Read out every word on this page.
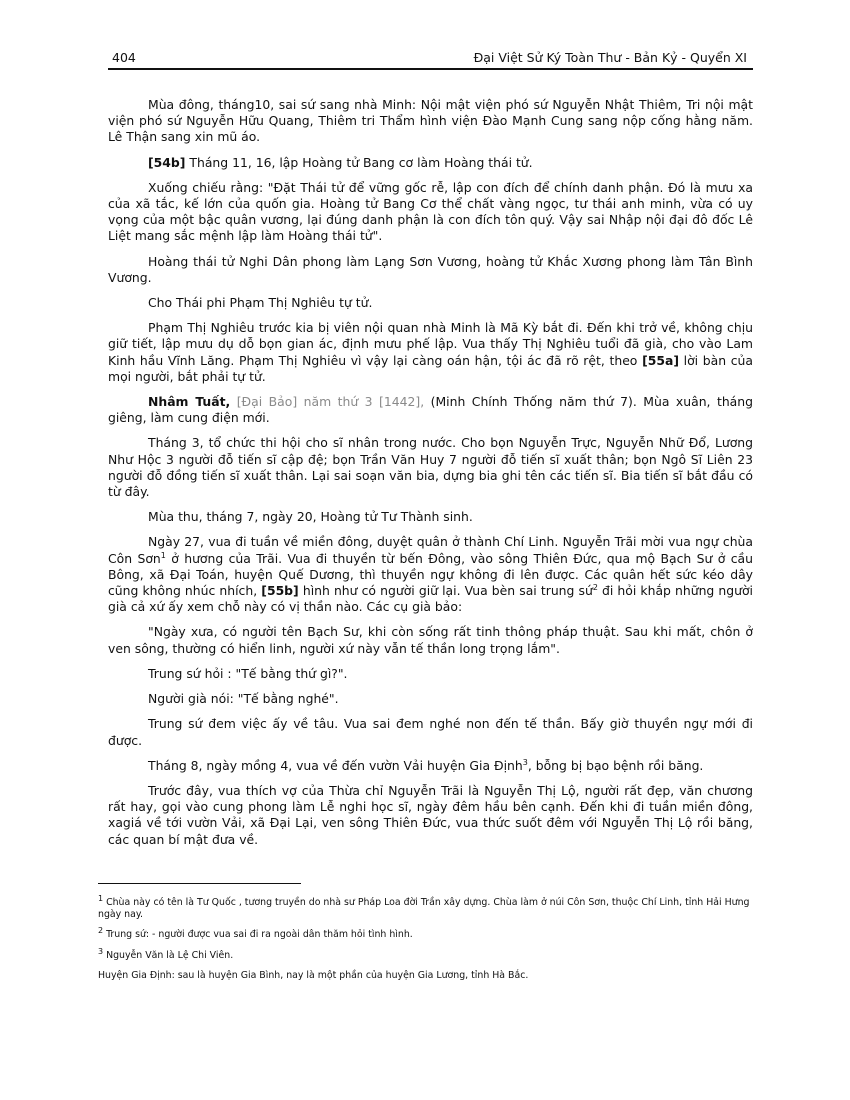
404	Đại Việt Sử Ký Toàn Thư - Bản Kỷ - Quyển XI

Mùa đông, tháng10, sai sứ sang nhà Minh: Nội mật viện phó sứ Nguyễn Nhật Thiêm, Tri nội mật viện phó sứ Nguyễn Hữu Quang, Thiêm tri Thẩm hình viện Đào Mạnh Cung sang nộp cống hằng năm. Lê Thận sang xin mũ áo.

[54b] Tháng 11, 16, lập Hoàng tử Bang cơ làm Hoàng thái tử.

Xuống chiếu rằng: "Đặt Thái tử để vững gốc rễ, lập con đích để chính danh phận. Đó là mưu xa của xã tắc, kế lớn của quốn gia. Hoàng tử Bang Cơ thể chất vàng ngọc, tư thái anh minh, vừa có uy vọng của một bậc quân vương, lại đúng danh phận là con đích tôn quý. Vậy sai Nhập nội đại đô đốc Lê Liệt mang sắc mệnh lập làm Hoàng thái tử".

Hoàng thái tử Nghi Dân phong làm Lạng Sơn Vương, hoàng tử Khắc Xương phong làm Tân Bình Vương.

Cho Thái phi Phạm Thị Nghiêu tự tử.

Phạm Thị Nghiêu trước kia bị viên nội quan nhà Minh là Mã Kỳ bắt đi. Đến khi trở về, không chịu giữ tiết, lập mưu dụ dỗ bọn gian ác, định mưu phế lập. Vua thấy Thị Nghiêu tuổi đã già, cho vào Lam Kinh hầu Vĩnh Lăng. Phạm Thị Nghiêu vì vậy lại càng oán hận, tội ác đã rõ rệt, theo [55a] lời bàn của mọi người, bắt phải tự tử.

Nhâm Tuất, [Đại Bảo] năm thứ 3 [1442], (Minh Chính Thống năm thứ 7). Mùa xuân, tháng giêng, làm cung điện mới.

Tháng 3, tổ chức thi hội cho sĩ nhân trong nước. Cho bọn Nguyễn Trực, Nguyễn Nhữ Đổ, Lương Như Hộc 3 người đỗ tiến sĩ cập đệ; bọn Trần Văn Huy 7 người đỗ tiến sĩ xuất thân; bọn Ngô Sĩ Liên 23 người đỗ đồng tiến sĩ xuất thân. Lại sai soạn văn bia, dựng bia ghi tên các tiến sĩ. Bia tiến sĩ bắt đầu có từ đây.

Mùa thu, tháng 7, ngày 20, Hoàng tử Tư Thành sinh.

Ngày 27, vua đi tuần về miền đông, duyệt quân ở thành Chí Linh. Nguyễn Trãi mời vua ngự chùa Côn Sơn$^1$ ở hương của Trãi. Vua đi thuyền từ bến Đông, vào sông Thiên Đức, qua mộ Bạch Sư ở cầu Bông, xã Đại Toán, huyện Quế Dương, thì thuyền ngự không đi lên được. Các quân hết sức kéo dây cũng không nhúc nhích, [55b] hình như có người giữ lại. Vua bèn sai trung sứ$^2$ đi hỏi khắp những người già cả xứ ấy xem chỗ này có vị thần nào. Các cụ già bảo:

"Ngày xưa, có người tên Bạch Sư, khi còn sống rất tinh thông pháp thuật. Sau khi mất, chôn ở ven sông, thường có hiển linh, người xứ này vẫn tế thần long trọng lắm".

Trung sứ hỏi : "Tế bằng thứ gì?".

Người già nói: "Tế bằng nghé".

Trung sứ đem việc ấy về tâu. Vua sai đem nghé non đến tế thần. Bấy giờ thuyền ngự mới đi được.

Tháng 8, ngày mồng 4, vua về đến vườn Vải huyện Gia Định$^3$, bỗng bị bạo bệnh rồi băng.

Trước đây, vua thích vợ của Thừa chỉ Nguyễn Trãi là Nguyễn Thị Lộ, người rất đẹp, văn chương rất hay, gọi vào cung phong làm Lễ nghi học sĩ, ngày đêm hầu bên cạnh. Đến khi đi tuần miền đông, xagiá về tới vườn Vải, xã Đại Lại, ven sông Thiên Đức, vua thức suốt đêm với Nguyễn Thị Lộ rồi băng, các quan bí mật đưa về.

$^1$ Chùa này có tên là Tư Quốc , tương truyền do nhà sư Pháp Loa đời Trần xây dựng. Chùa làm ở núi Côn Sơn, thuộc Chí Linh, tỉnh Hải Hưng ngày nay.

$^2$ Trung sứ: - người được vua sai đi ra ngoài dân thăm hỏi tình hình.

$^3$ Nguyễn Văn là Lệ Chi Viên.

Huyện Gia Định: sau là huyện Gia Bình, nay là một phần của huyện Gia Lương, tỉnh Hà Bắc.
